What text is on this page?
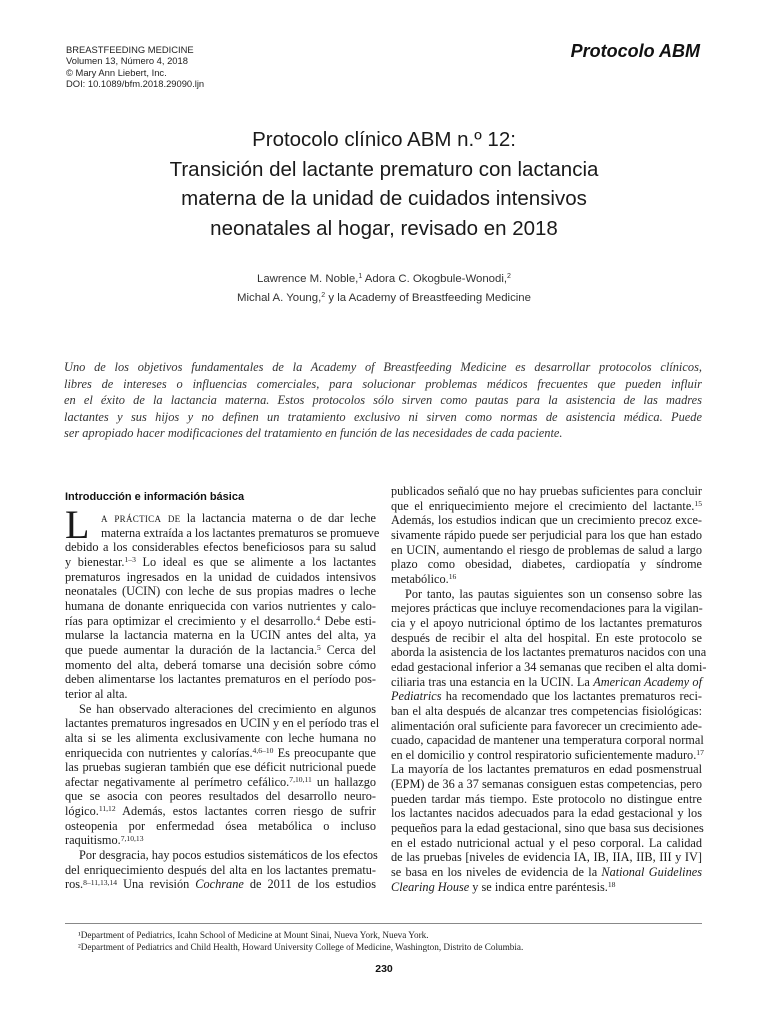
BREASTFEEDING MEDICINE
Volumen 13, Número 4, 2018
© Mary Ann Liebert, Inc.
DOI: 10.1089/bfm.2018.29090.ljn
Protocolo ABM
Protocolo clínico ABM n.º 12:
Transición del lactante prematuro con lactancia
materna de la unidad de cuidados intensivos
neonatales al hogar, revisado en 2018
Lawrence M. Noble,$^1$ Adora C. Okogbule-Wonodi,$^2$
Michal A. Young,$^2$ y la Academy of Breastfeeding Medicine
Uno de los objetivos fundamentales de la Academy of Breastfeeding Medicine es desarrollar protocolos clínicos,
libres de intereses o influencias comerciales, para solucionar problemas médicos frecuentes que pueden influir
en el éxito de la lactancia materna. Estos protocolos sólo sirven como pautas para la asistencia de las madres
lactantes y sus hijos y no definen un tratamiento exclusivo ni sirven como normas de asistencia médica. Puede
ser apropiado hacer modificaciones del tratamiento en función de las necesidades de cada paciente.
Introducción e información básica
L a práctica de la lactancia materna o de dar leche
materna extraída a los lactantes prematuros se promueve
debido a los considerables efectos beneficiosos para su salud
y bienestar.$^{1-3}$ Lo ideal es que se alimente a los lactantes
prematuros ingresados en la unidad de cuidados intensivos
neonatales (UCIN) con leche de sus propias madres o leche
humana de donante enriquecida con varios nutrientes y calo-
rías para optimizar el crecimiento y el desarrollo.$^4$ Debe esti-
mularse la lactancia materna en la UCIN antes del alta, ya
que puede aumentar la duración de la lactancia.$^5$ Cerca del
momento del alta, deberá tomarse una decisión sobre cómo
deben alimentarse los lactantes prematuros en el período pos-
terior al alta.
Se han observado alteraciones del crecimiento en algunos
lactantes prematuros ingresados en UCIN y en el período tras el
alta si se les alimenta exclusivamente con leche humana no
enriquecida con nutrientes y calorías.$^{4,6-10}$ Es preocupante que
las pruebas sugieran también que ese déficit nutricional puede
afectar negativamente al perímetro cefálico.$^{7,10,11}$ un hallazgo
que se asocia con peores resultados del desarrollo neuro-
lógico.$^{11,12}$ Además, estos lactantes corren riesgo de sufrir
osteopenia por enfermedad ósea metabólica o incluso
raquitismo.$^{7,10,13}$
Por desgracia, hay pocos estudios sistemáticos de los efectos
del enriquecimiento después del alta en los lactantes prematu-
ros.$^{8-11,13,14}$ Una revisión Cochrane de 2011 de los estudios
publicados señaló que no hay pruebas suficientes para concluir
que el enriquecimiento mejore el crecimiento del lactante.$^{15}$
Además, los estudios indican que un crecimiento precoz exce-
sivamente rápido puede ser perjudicial para los que han estado
en UCIN, aumentando el riesgo de problemas de salud a largo
plazo como obesidad, diabetes, cardiopatía y síndrome
metabólico.$^{16}$
Por tanto, las pautas siguientes son un consenso sobre las
mejores prácticas que incluye recomendaciones para la vigilan-
cia y el apoyo nutricional óptimo de los lactantes prematuros
después de recibir el alta del hospital. En este protocolo se
aborda la asistencia de los lactantes prematuros nacidos con una
edad gestacional inferior a 34 semanas que reciben el alta domi-
ciliaria tras una estancia en la UCIN. La American Academy of
Pediatrics ha recomendado que los lactantes prematuros reci-
ban el alta después de alcanzar tres competencias fisiológicas:
alimentación oral suficiente para favorecer un crecimiento ade-
cuado, capacidad de mantener una temperatura corporal normal
en el domicilio y control respiratorio suficientemente maduro.$^{17}$
La mayoría de los lactantes prematuros en edad posmenstrual
(EPM) de 36 a 37 semanas consiguen estas competencias, pero
pueden tardar más tiempo. Este protocolo no distingue entre
los lactantes nacidos adecuados para la edad gestacional y los
pequeños para la edad gestacional, sino que basa sus decisiones
en el estado nutricional actual y el peso corporal. La calidad
de las pruebas [niveles de evidencia IA, IB, IIA, IIB, III y IV]
se basa en los niveles de evidencia de la National Guidelines
Clearing House y se indica entre paréntesis.$^{18}$
¹Department of Pediatrics, Icahn School of Medicine at Mount Sinai, Nueva York, Nueva York.
²Department of Pediatrics and Child Health, Howard University College of Medicine, Washington, Distrito de Columbia.
230
